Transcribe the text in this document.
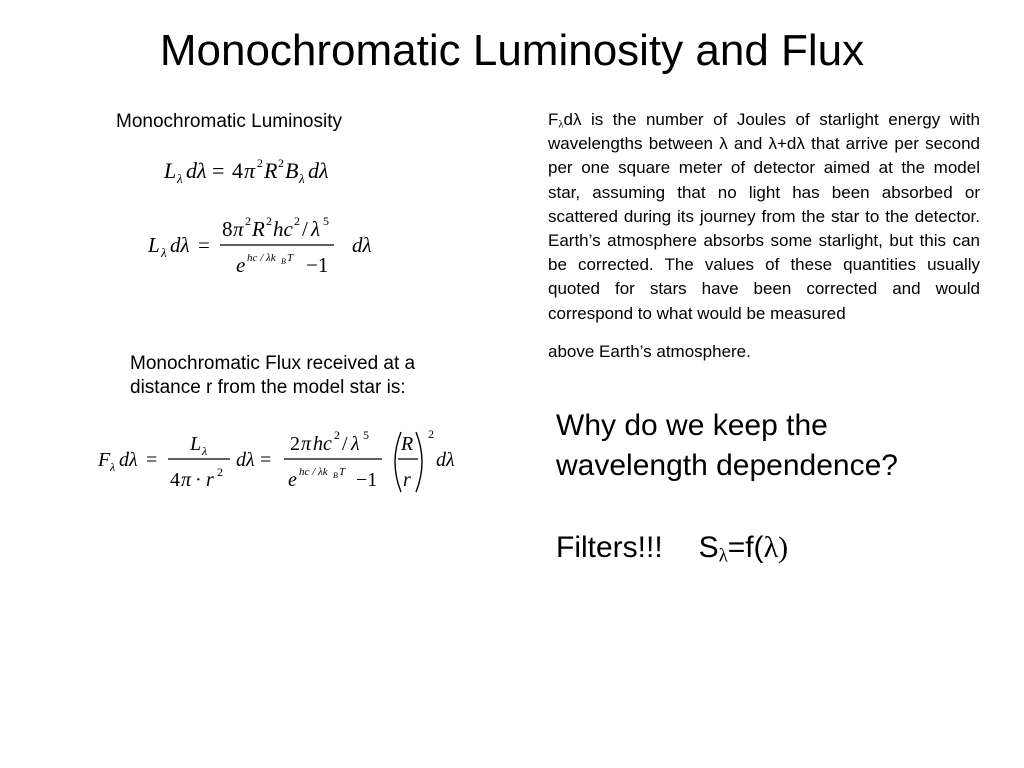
Monochromatic Luminosity and Flux
Monochromatic Luminosity
L λ dλ = 4 π 2 R 2 B λ dλ
L λ dλ =
8 π 2 R 2 hc 2 / λ 5
e hc / λk B T −1
dλ
Monochromatic Flux received at a
distance r from the model star is:
F λ dλ =
L λ
4 π · r 2
dλ =
2 π hc 2 / λ 5
e hc / λk B T −1
R
r
2
dλ
$F_\lambda d\lambda$ is the number of Joules of starlight energy with wavelengths between λ and λ+dλ that arrive per second per one square meter of detector aimed at the model star, assuming that no light has been absorbed or scattered during its journey from the star to the detector. Earth’s atmosphere absorbs some starlight, but this can be corrected. The values of these quantities usually quoted for stars have been corrected and would correspond to what would be measured
above Earth’s atmosphere.
Why do we keep the
wavelength dependence?
Filters!!! $S_\lambda=f(\lambda)$
